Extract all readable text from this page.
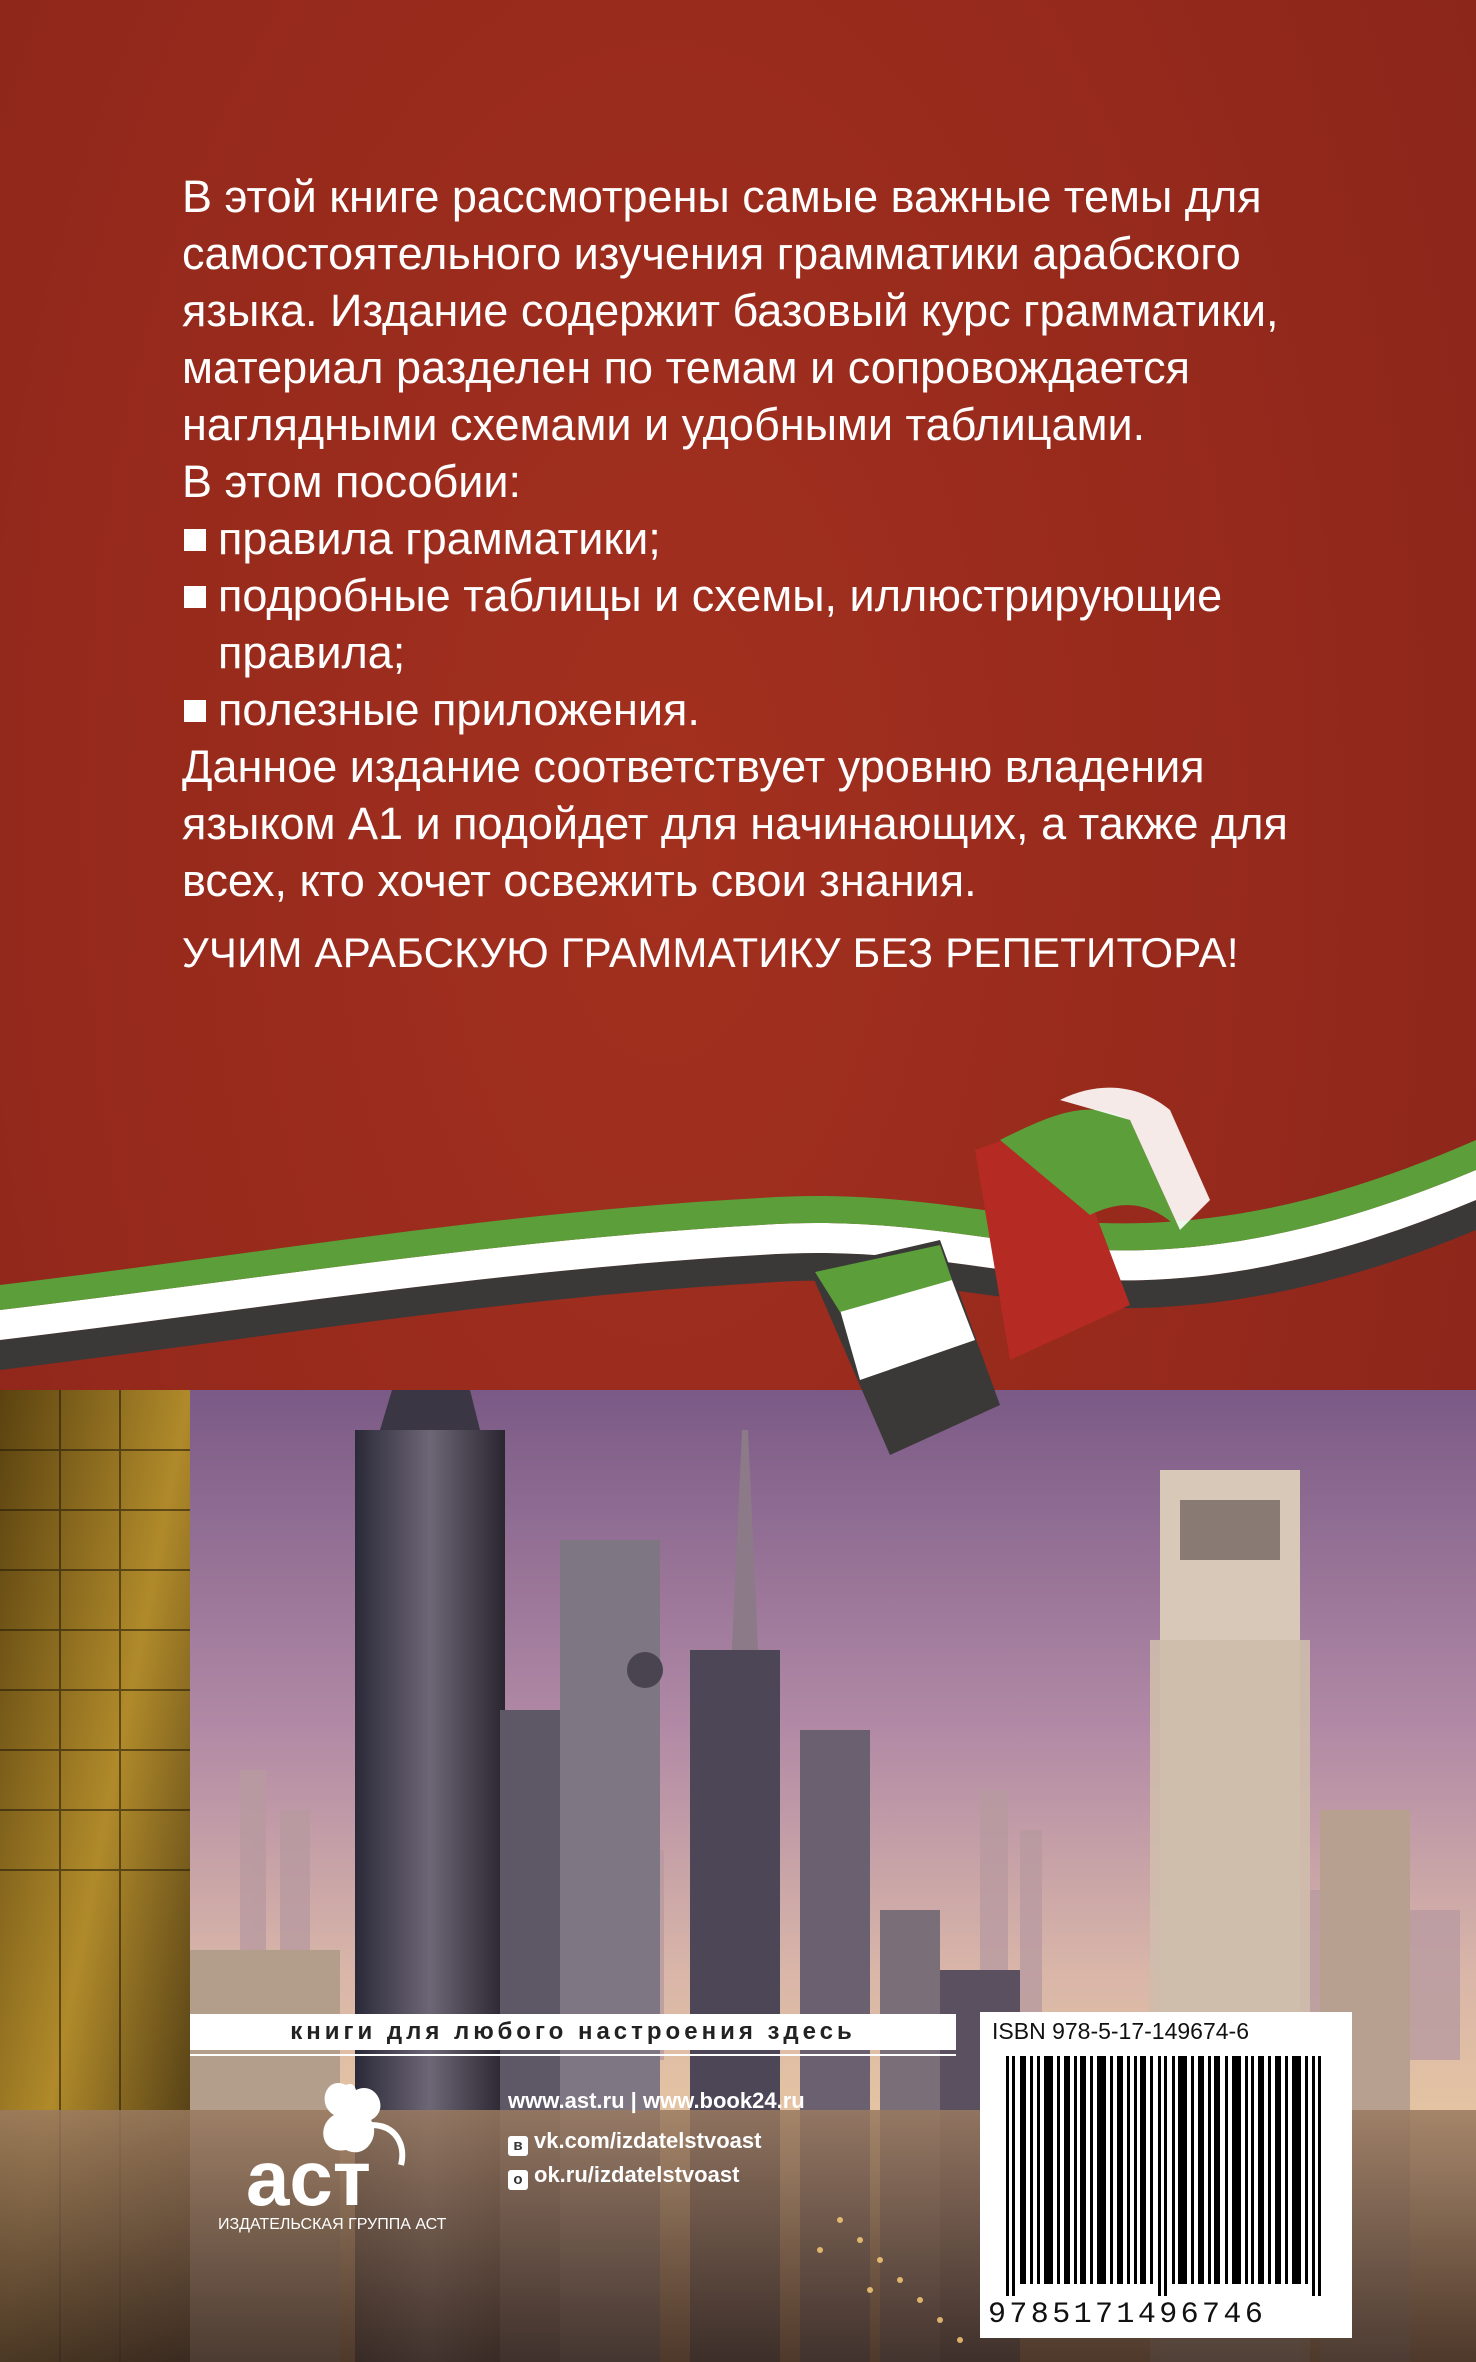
В этой книге рассмотрены самые важные темы для самостоятельного изучения грамматики арабского языка. Издание содержит базовый курс грамматики, материал разделен по темам и сопровождается наглядными схемами и удобными таблицами.

В этом пособии:

правила грамматики;
подробные таблицы и схемы, иллюстрирующие правила;
полезные приложения.

Данное издание соответствует уровню владения языком А1 и подойдет для начинающих, а также для всех, кто хочет освежить свои знания.

УЧИМ АРАБСКУЮ ГРАММАТИКУ БЕЗ РЕПЕТИТОРА!
книги для любого настроения здесь
www.ast.ru | www.book24.ru
в vk.com/izdatelstvoast
о ok.ru/izdatelstvoast
аст
ИЗДАТЕЛЬСКАЯ ГРУППА АСТ
ISBN 978-5-17-149674-6
9785171496746
